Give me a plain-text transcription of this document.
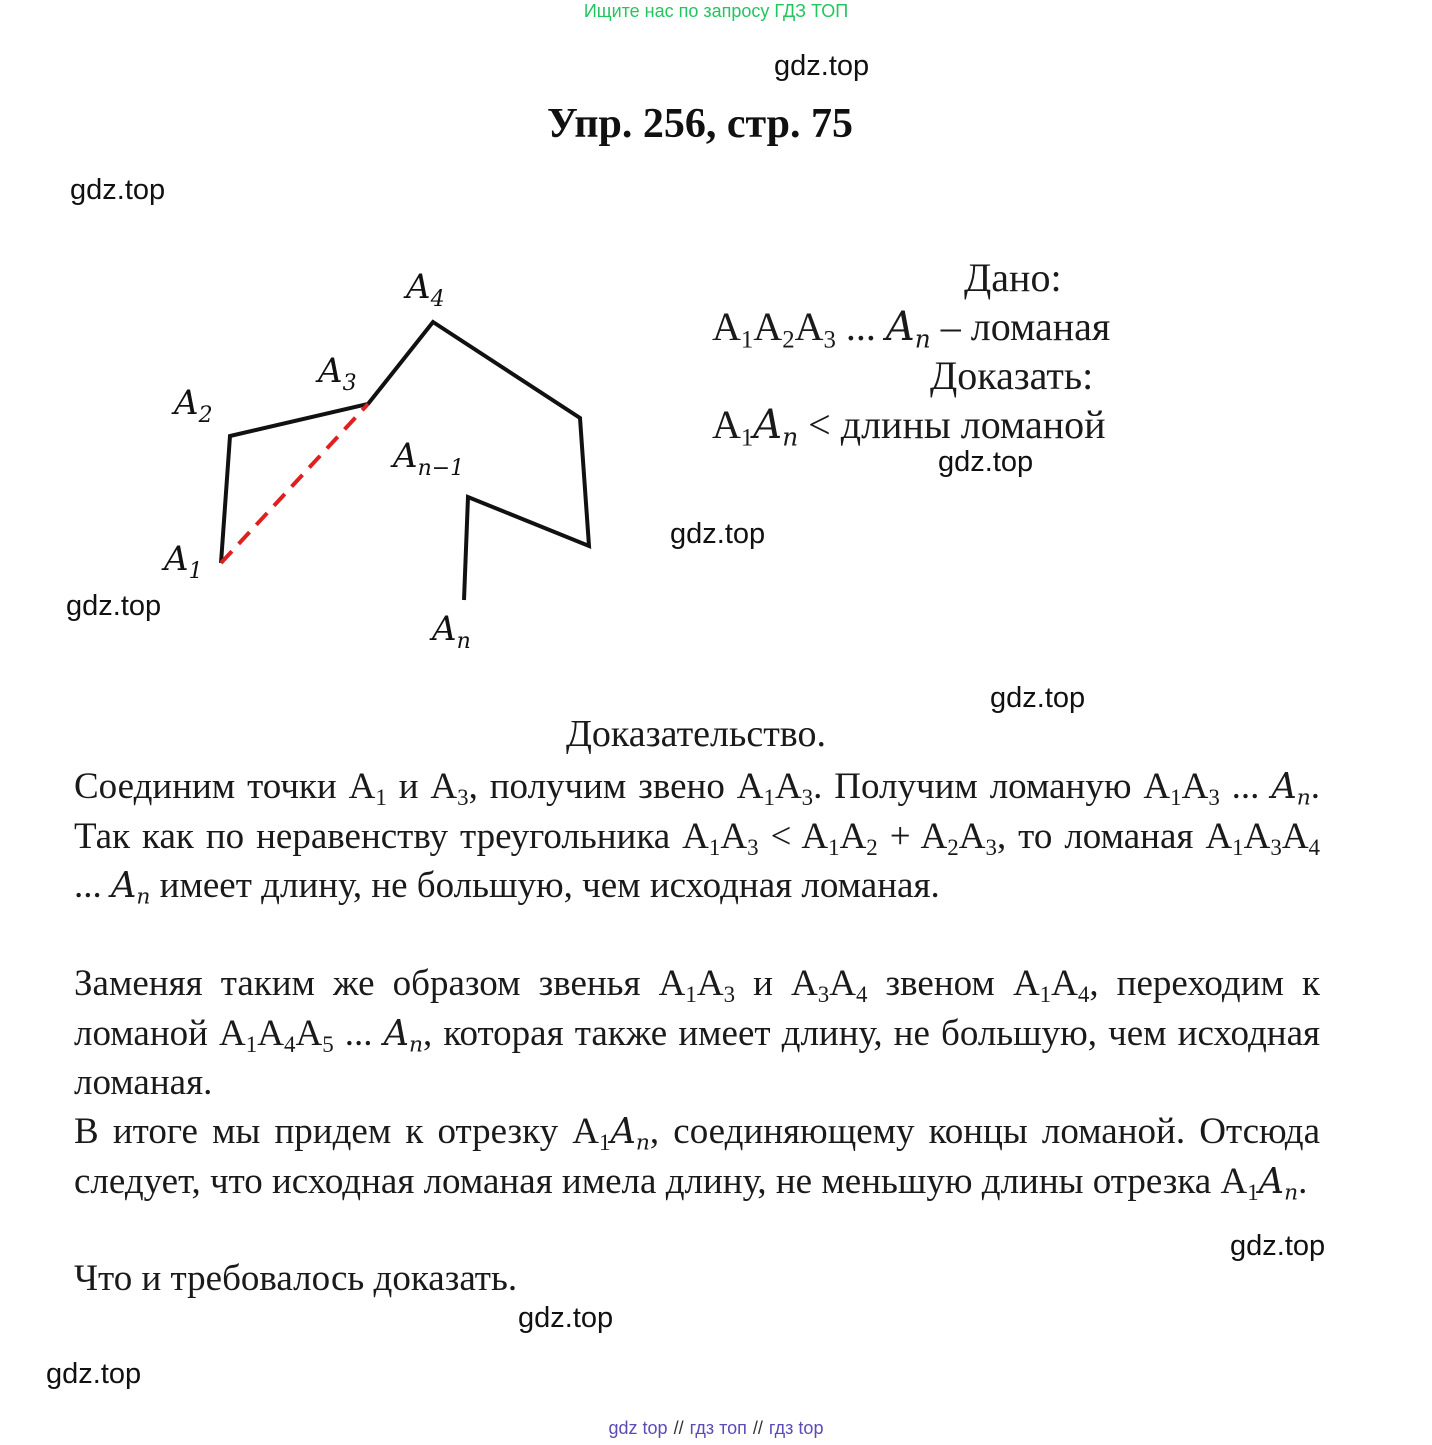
Ищите нас по запросу ГДЗ ТОП
gdz.top
gdz.top
gdz.top
gdz.top
gdz.top
gdz.top
gdz.top
gdz.top
gdz.top
Упр. 256, стр. 75
$A_1$
$A_2$
$A_3$
$A_4$
$A_{n-1}$
$A_n$
Дано:
$A_1A_2A_3$ ... $A_n$ – ломаная
Доказать:
$A_1A_n$ < длины ломаной
Доказательство.
Соединим точки $A_1$ и $A_3$, получим звено $A_1A_3$. Получим ломаную $A_1A_3$ ... $A_n$. Так как по неравенству треугольника $A_1A_3 < A_1A_2 + A_2A_3$, то ломаная $A_1A_3A_4$ ... $A_n$ имеет длину, не большую, чем исходная ломаная.
Заменяя таким же образом звенья $A_1A_3$ и $A_3A_4$ звеном $A_1A_4$, переходим к ломаной $A_1A_4A_5$ ... $A_n$, которая также имеет длину, не большую, чем исходная ломаная.
В итоге мы придем к отрезку $A_1A_n$, соединяющему концы ломаной. Отсюда следует, что исходная ломаная имела длину, не меньшую длины отрезка $A_1A_n$.
Что и требовалось доказать.
gdz top // гдз топ // гдз top
